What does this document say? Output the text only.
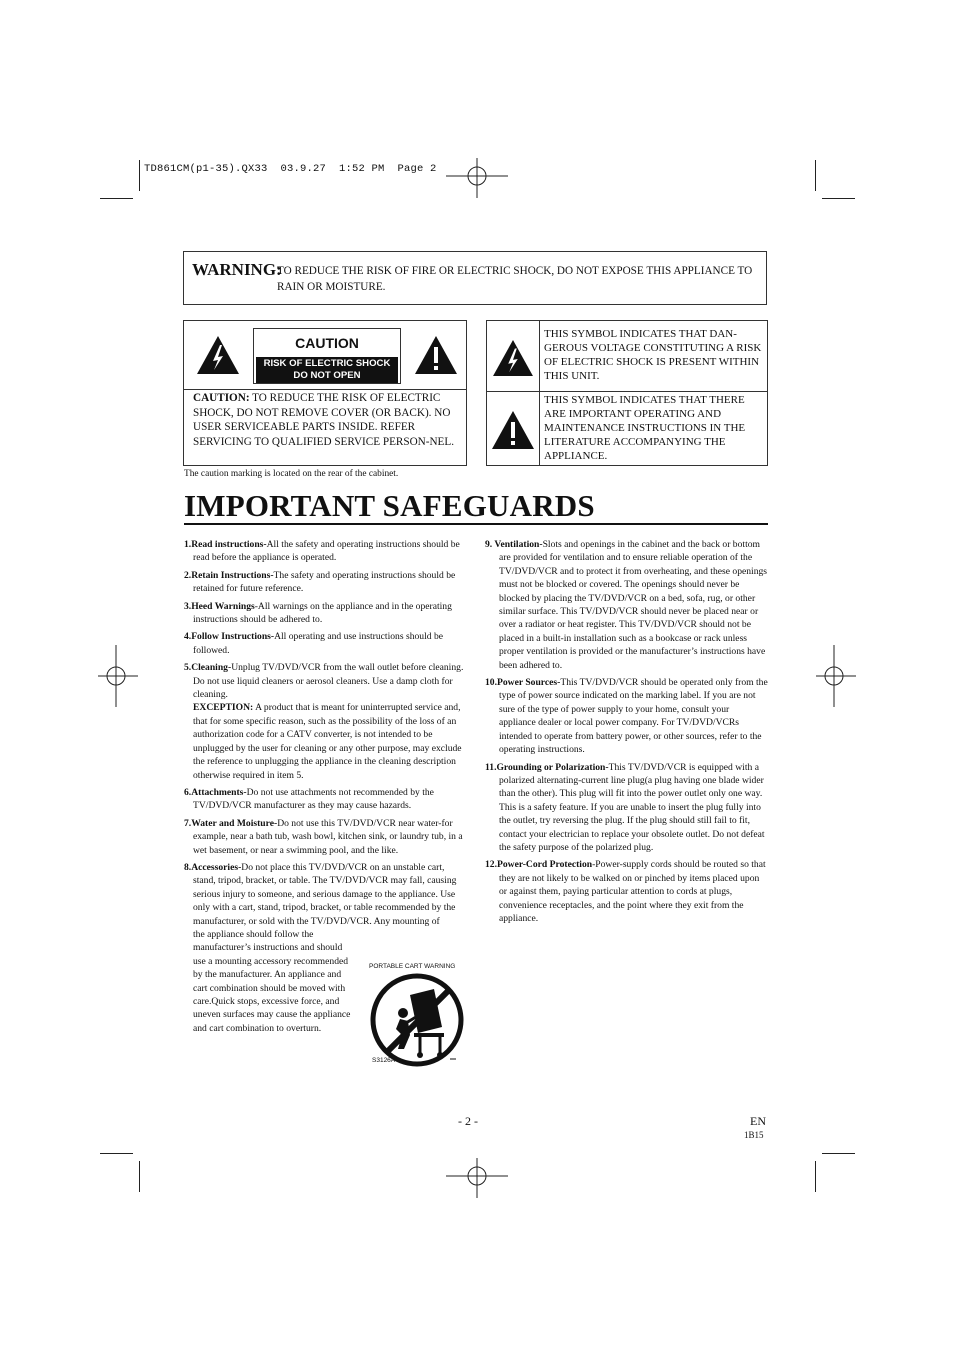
TD861CM(p1-35).QX33  03.9.27  1:52 PM  Page 2
WARNING:
TO REDUCE THE RISK OF FIRE OR ELECTRIC SHOCK, DO NOT EXPOSE THIS APPLIANCE TO RAIN OR MOISTURE.
CAUTION
RISK OF ELECTRIC SHOCK
DO NOT OPEN
CAUTION: TO REDUCE THE RISK OF ELECTRIC SHOCK, DO NOT REMOVE COVER (OR BACK). NO USER SERVICEABLE PARTS INSIDE. REFER SERVICING TO QUALIFIED SERVICE PERSON-NEL.
The caution marking is located on the rear of the cabinet.
THIS SYMBOL INDICATES THAT DAN-GEROUS VOLTAGE CONSTITUTING A RISK OF ELECTRIC SHOCK IS PRESENT WITHIN THIS UNIT.
THIS SYMBOL INDICATES THAT THERE ARE IMPORTANT OPERATING AND MAINTENANCE INSTRUCTIONS IN THE LITERATURE ACCOMPANYING THE APPLIANCE.
IMPORTANT SAFEGUARDS

1.Read instructions-All the safety and operating instructions should be read before the appliance is operated.

2.Retain Instructions-The safety and operating instructions should be retained for future reference.

3.Heed Warnings-All warnings on the appliance and in the operating instructions should be adhered to.

4.Follow Instructions-All operating and use instructions should be followed.

5.Cleaning-Unplug TV/DVD/VCR from the wall outlet before cleaning. Do not use liquid cleaners or aerosol cleaners. Use a damp cloth for cleaning.

EXCEPTION: A product that is meant for uninterrupted service and, that for some specific reason, such as the possibility of the loss of an authorization code for a CATV converter, is not intended to be unplugged by the user for cleaning or any other purpose, may exclude the reference to unplugging the appliance in the cleaning description otherwise required in item 5.

6.Attachments-Do not use attachments not recommended by the TV/DVD/VCR manufacturer as they may cause hazards.

7.Water and Moisture-Do not use this TV/DVD/VCR near water-for example, near a bath tub, wash bowl, kitchen sink, or laundry tub, in a wet basement, or near a swimming pool, and the like.

8.Accessories-Do not place this TV/DVD/VCR on an unstable cart, stand, tripod, bracket, or table. The TV/DVD/VCR may fall, causing serious injury to someone, and serious damage to the appliance. Use only with a cart, stand, tripod, bracket, or table recommended by the manufacturer, or sold with the TV/DVD/VCR. Any mounting of

the appliance should follow the manufacturer’s instructions and should use a mounting accessory recommended by the manufacturer. An appliance and cart combination should be moved with care.Quick stops, excessive force, and uneven surfaces may cause the appliance and cart combination to overturn.

PORTABLE CART WARNING
S3126A

9. Ventilation-Slots and openings in the cabinet and the back or bottom are provided for ventilation and to ensure reliable operation of the TV/DVD/VCR and to protect it from overheating, and these openings must not be blocked or covered. The openings should never be blocked by placing the TV/DVD/VCR on a bed, sofa, rug, or other similar surface. This TV/DVD/VCR should never be placed near or over a radiator or heat register. This TV/DVD/VCR should not be placed in a built-in installation such as a bookcase or rack unless proper ventilation is provided or the manufacturer’s instructions have been adhered to.

10.Power Sources-This TV/DVD/VCR should be operated only from the type of power source indicated on the marking label. If you are not sure of the type of power supply to your home, consult your appliance dealer or local power company. For TV/DVD/VCRs intended to operate from battery power, or other sources, refer to the operating instructions.

11.Grounding or Polarization-This TV/DVD/VCR is equipped with a polarized alternating-current line plug(a plug having one blade wider than the other). This plug will fit into the power outlet only one way. This is a safety feature. If you are unable to insert the plug fully into the outlet, try reversing the plug. If the plug should still fail to fit, contact your electrician to replace your obsolete outlet. Do not defeat the safety purpose of the polarized plug.

12.Power-Cord Protection-Power-supply cords should be routed so that they are not likely to be walked on or pinched by items placed upon or against them, paying particular attention to cords at plugs, convenience receptacles, and the point where they exit from the appliance.

- 2 -	EN
1B15
